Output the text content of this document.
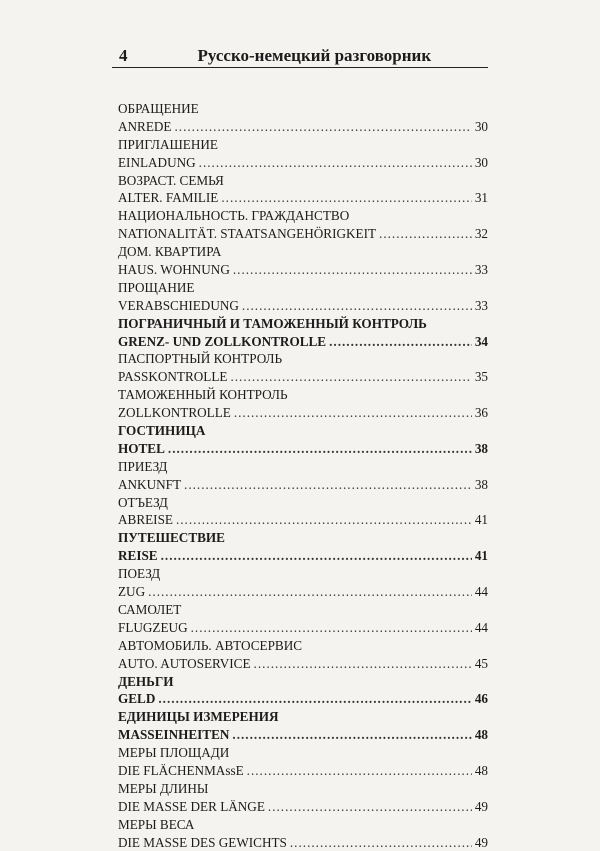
4	Русско-немецкий разговорник
ОБРАЩЕНИЕ
ANREDE .....	30
ПРИГЛАШЕНИЕ
EINLADUNG .....	30
ВОЗРАСТ. СЕМЬЯ
ALTER. FAMILIE .....	31
НАЦИОНАЛЬНОСТЬ. ГРАЖДАНСТВО
NATIONALITÄT. STAATSANGEHÖRIGKEIT .....	32
ДОМ. КВАРТИРА
HAUS. WOHNUNG .....	33
ПРОЩАНИЕ
VERABSCHIEDUNG .....	33
ПОГРАНИЧНЫЙ И ТАМОЖЕННЫЙ КОНТРОЛЬ
GRENZ- UND ZOLLKONTROLLE .....	34
ПАСПОРТНЫЙ КОНТРОЛЬ
PASSKONTROLLE .....	35
ТАМОЖЕННЫЙ КОНТРОЛЬ
ZOLLKONTROLLE .....	36
ГОСТИНИЦА
HOTEL .....	38
ПРИЕЗД
ANKUNFT .....	38
ОТЪЕЗД
ABREISE .....	41
ПУТЕШЕСТВИЕ
REISE .....	41
ПОЕЗД
ZUG .....	44
САМОЛЕТ
FLUGZEUG .....	44
АВТОМОБИЛЬ. АВТОСЕРВИС
AUTO. AUTOSERVICE .....	45
ДЕНЬГИ
GELD .....	46
ЕДИНИЦЫ ИЗМЕРЕНИЯ
MASSEINHEITEN .....	48
МЕРЫ ПЛОЩАДИ
DIE FLÄCHENMAssE .....	48
МЕРЫ ДЛИНЫ
DIE MASSE DER LÄNGE .....	49
МЕРЫ ВЕСА
DIE MASSE DES GEWICHTS .....	49
